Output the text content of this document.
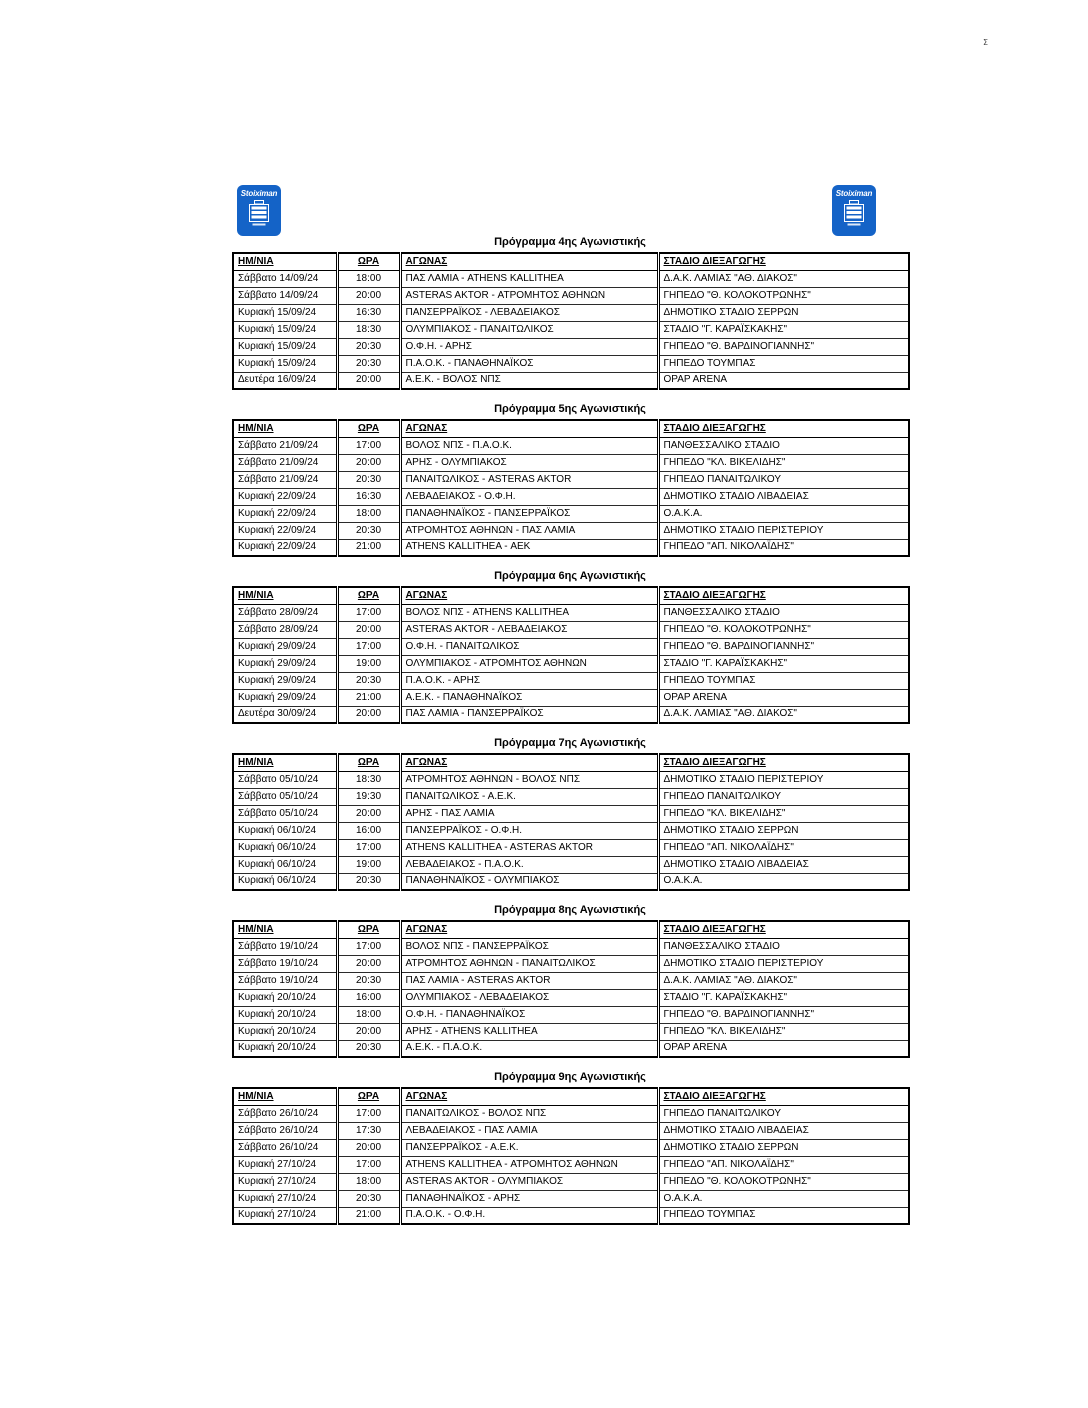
Σ
Stoiximan	Stoiximan
Πρόγραμμα 4ης Αγωνιστικής
ΗΜ/ΝΙΑ	ΩΡΑ	ΑΓΩΝΑΣ	ΣΤΑΔΙΟ ΔΙΕΞΑΓΩΓΗΣ
Σάββατο 14/09/24	18:00	ΠΑΣ ΛΑΜΙΑ - ATHENS KALLITHEA	Δ.Α.Κ. ΛΑΜΙΑΣ "ΑΘ. ΔΙΑΚΟΣ"
Σάββατο 14/09/24	20:00	ASTERAS AKTOR - ΑΤΡΟΜΗΤΟΣ ΑΘΗΝΩΝ	ΓΗΠΕΔΟ "Θ. ΚΟΛΟΚΟΤΡΩΝΗΣ"
Κυριακή 15/09/24	16:30	ΠΑΝΣΕΡΡΑΪΚΟΣ - ΛΕΒΑΔΕΙΑΚΟΣ	ΔΗΜΟΤΙΚΟ ΣΤΑΔΙΟ ΣΕΡΡΩΝ
Κυριακή 15/09/24	18:30	ΟΛΥΜΠΙΑΚΟΣ - ΠΑΝΑΙΤΩΛΙΚΟΣ	ΣΤΑΔΙΟ "Γ. ΚΑΡΑΪΣΚΑΚΗΣ"
Κυριακή 15/09/24	20:30	Ο.Φ.Η. - ΑΡΗΣ	ΓΗΠΕΔΟ "Θ. ΒΑΡΔΙΝΟΓΙΑΝΝΗΣ"
Κυριακή 15/09/24	20:30	Π.Α.Ο.Κ. - ΠΑΝΑΘΗΝΑΪΚΟΣ	ΓΗΠΕΔΟ ΤΟΥΜΠΑΣ
Δευτέρα 16/09/24	20:00	Α.Ε.Κ. - ΒΟΛΟΣ ΝΠΣ	OPAP ARENA
Πρόγραμμα 5ης Αγωνιστικής
ΗΜ/ΝΙΑ	ΩΡΑ	ΑΓΩΝΑΣ	ΣΤΑΔΙΟ ΔΙΕΞΑΓΩΓΗΣ
Σάββατο 21/09/24	17:00	ΒΟΛΟΣ ΝΠΣ - Π.Α.Ο.Κ.	ΠΑΝΘΕΣΣΑΛΙΚΟ ΣΤΑΔΙΟ
Σάββατο 21/09/24	20:00	ΑΡΗΣ - ΟΛΥΜΠΙΑΚΟΣ	ΓΗΠΕΔΟ "ΚΛ. ΒΙΚΕΛΙΔΗΣ"
Σάββατο 21/09/24	20:30	ΠΑΝΑΙΤΩΛΙΚΟΣ - ASTERAS AKTOR	ΓΗΠΕΔΟ ΠΑΝΑΙΤΩΛΙΚΟΥ
Κυριακή 22/09/24	16:30	ΛΕΒΑΔΕΙΑΚΟΣ - Ο.Φ.Η.	ΔΗΜΟΤΙΚΟ ΣΤΑΔΙΟ ΛΙΒΑΔΕΙΑΣ
Κυριακή 22/09/24	18:00	ΠΑΝΑΘΗΝΑΪΚΟΣ - ΠΑΝΣΕΡΡΑΪΚΟΣ	Ο.Α.Κ.Α.
Κυριακή 22/09/24	20:30	ΑΤΡΟΜΗΤΟΣ ΑΘΗΝΩΝ - ΠΑΣ ΛΑΜΙΑ	ΔΗΜΟΤΙΚΟ ΣΤΑΔΙΟ ΠΕΡΙΣΤΕΡΙΟΥ
Κυριακή 22/09/24	21:00	ATHENS KALLITHEA - ΑΕΚ	ΓΗΠΕΔΟ "ΑΠ. ΝΙΚΟΛΑΪΔΗΣ"
Πρόγραμμα 6ης Αγωνιστικής
ΗΜ/ΝΙΑ	ΩΡΑ	ΑΓΩΝΑΣ	ΣΤΑΔΙΟ ΔΙΕΞΑΓΩΓΗΣ
Σάββατο 28/09/24	17:00	ΒΟΛΟΣ ΝΠΣ - ATHENS KALLITHEA	ΠΑΝΘΕΣΣΑΛΙΚΟ ΣΤΑΔΙΟ
Σάββατο 28/09/24	20:00	ASTERAS AKTOR - ΛΕΒΑΔΕΙΑΚΟΣ	ΓΗΠΕΔΟ "Θ. ΚΟΛΟΚΟΤΡΩΝΗΣ"
Κυριακή 29/09/24	17:00	Ο.Φ.Η. - ΠΑΝΑΙΤΩΛΙΚΟΣ	ΓΗΠΕΔΟ "Θ. ΒΑΡΔΙΝΟΓΙΑΝΝΗΣ"
Κυριακή 29/09/24	19:00	ΟΛΥΜΠΙΑΚΟΣ - ΑΤΡΟΜΗΤΟΣ ΑΘΗΝΩΝ	ΣΤΑΔΙΟ "Γ. ΚΑΡΑΪΣΚΑΚΗΣ"
Κυριακή 29/09/24	20:30	Π.Α.Ο.Κ. - ΑΡΗΣ	ΓΗΠΕΔΟ ΤΟΥΜΠΑΣ
Κυριακή 29/09/24	21:00	Α.Ε.Κ. - ΠΑΝΑΘΗΝΑΪΚΟΣ	OPAP ARENA
Δευτέρα 30/09/24	20:00	ΠΑΣ ΛΑΜΙΑ - ΠΑΝΣΕΡΡΑΪΚΟΣ	Δ.Α.Κ. ΛΑΜΙΑΣ "ΑΘ. ΔΙΑΚΟΣ"
Πρόγραμμα 7ης Αγωνιστικής
ΗΜ/ΝΙΑ	ΩΡΑ	ΑΓΩΝΑΣ	ΣΤΑΔΙΟ ΔΙΕΞΑΓΩΓΗΣ
Σάββατο 05/10/24	18:30	ΑΤΡΟΜΗΤΟΣ ΑΘΗΝΩΝ - ΒΟΛΟΣ ΝΠΣ	ΔΗΜΟΤΙΚΟ ΣΤΑΔΙΟ ΠΕΡΙΣΤΕΡΙΟΥ
Σάββατο 05/10/24	19:30	ΠΑΝΑΙΤΩΛΙΚΟΣ - Α.Ε.Κ.	ΓΗΠΕΔΟ ΠΑΝΑΙΤΩΛΙΚΟΥ
Σάββατο 05/10/24	20:00	ΑΡΗΣ - ΠΑΣ ΛΑΜΙΑ	ΓΗΠΕΔΟ "ΚΛ. ΒΙΚΕΛΙΔΗΣ"
Κυριακή 06/10/24	16:00	ΠΑΝΣΕΡΡΑΪΚΟΣ - Ο.Φ.Η.	ΔΗΜΟΤΙΚΟ ΣΤΑΔΙΟ ΣΕΡΡΩΝ
Κυριακή 06/10/24	17:00	ATHENS KALLITHEA - ASTERAS AKTOR	ΓΗΠΕΔΟ "ΑΠ. ΝΙΚΟΛΑΪΔΗΣ"
Κυριακή 06/10/24	19:00	ΛΕΒΑΔΕΙΑΚΟΣ - Π.Α.Ο.Κ.	ΔΗΜΟΤΙΚΟ ΣΤΑΔΙΟ ΛΙΒΑΔΕΙΑΣ
Κυριακή 06/10/24	20:30	ΠΑΝΑΘΗΝΑΪΚΟΣ - ΟΛΥΜΠΙΑΚΟΣ	Ο.Α.Κ.Α.
Πρόγραμμα 8ης Αγωνιστικής
ΗΜ/ΝΙΑ	ΩΡΑ	ΑΓΩΝΑΣ	ΣΤΑΔΙΟ ΔΙΕΞΑΓΩΓΗΣ
Σάββατο 19/10/24	17:00	ΒΟΛΟΣ ΝΠΣ - ΠΑΝΣΕΡΡΑΪΚΟΣ	ΠΑΝΘΕΣΣΑΛΙΚΟ ΣΤΑΔΙΟ
Σάββατο 19/10/24	20:00	ΑΤΡΟΜΗΤΟΣ ΑΘΗΝΩΝ - ΠΑΝΑΙΤΩΛΙΚΟΣ	ΔΗΜΟΤΙΚΟ ΣΤΑΔΙΟ ΠΕΡΙΣΤΕΡΙΟΥ
Σάββατο 19/10/24	20:30	ΠΑΣ ΛΑΜΙΑ - ASTERAS AKTOR	Δ.Α.Κ. ΛΑΜΙΑΣ "ΑΘ. ΔΙΑΚΟΣ"
Κυριακή 20/10/24	16:00	ΟΛΥΜΠΙΑΚΟΣ - ΛΕΒΑΔΕΙΑΚΟΣ	ΣΤΑΔΙΟ "Γ. ΚΑΡΑΪΣΚΑΚΗΣ"
Κυριακή 20/10/24	18:00	Ο.Φ.Η. - ΠΑΝΑΘΗΝΑΪΚΟΣ	ΓΗΠΕΔΟ "Θ. ΒΑΡΔΙΝΟΓΙΑΝΝΗΣ"
Κυριακή 20/10/24	20:00	ΑΡΗΣ - ATHENS KALLITHEA	ΓΗΠΕΔΟ "ΚΛ. ΒΙΚΕΛΙΔΗΣ"
Κυριακή 20/10/24	20:30	Α.Ε.Κ. - Π.Α.Ο.Κ.	OPAP ARENA
Πρόγραμμα 9ης Αγωνιστικής
ΗΜ/ΝΙΑ	ΩΡΑ	ΑΓΩΝΑΣ	ΣΤΑΔΙΟ ΔΙΕΞΑΓΩΓΗΣ
Σάββατο 26/10/24	17:00	ΠΑΝΑΙΤΩΛΙΚΟΣ - ΒΟΛΟΣ ΝΠΣ	ΓΗΠΕΔΟ ΠΑΝΑΙΤΩΛΙΚΟΥ
Σάββατο 26/10/24	17:30	ΛΕΒΑΔΕΙΑΚΟΣ - ΠΑΣ ΛΑΜΙΑ	ΔΗΜΟΤΙΚΟ ΣΤΑΔΙΟ ΛΙΒΑΔΕΙΑΣ
Σάββατο 26/10/24	20:00	ΠΑΝΣΕΡΡΑΪΚΟΣ - Α.Ε.Κ.	ΔΗΜΟΤΙΚΟ ΣΤΑΔΙΟ ΣΕΡΡΩΝ
Κυριακή 27/10/24	17:00	ATHENS KALLITHEA - ΑΤΡΟΜΗΤΟΣ ΑΘΗΝΩΝ	ΓΗΠΕΔΟ "ΑΠ. ΝΙΚΟΛΑΪΔΗΣ"
Κυριακή 27/10/24	18:00	ASTERAS AKTOR - ΟΛΥΜΠΙΑΚΟΣ	ΓΗΠΕΔΟ "Θ. ΚΟΛΟΚΟΤΡΩΝΗΣ"
Κυριακή 27/10/24	20:30	ΠΑΝΑΘΗΝΑΪΚΟΣ - ΑΡΗΣ	Ο.Α.Κ.Α.
Κυριακή 27/10/24	21:00	Π.Α.Ο.Κ. - Ο.Φ.Η.	ΓΗΠΕΔΟ ΤΟΥΜΠΑΣ
